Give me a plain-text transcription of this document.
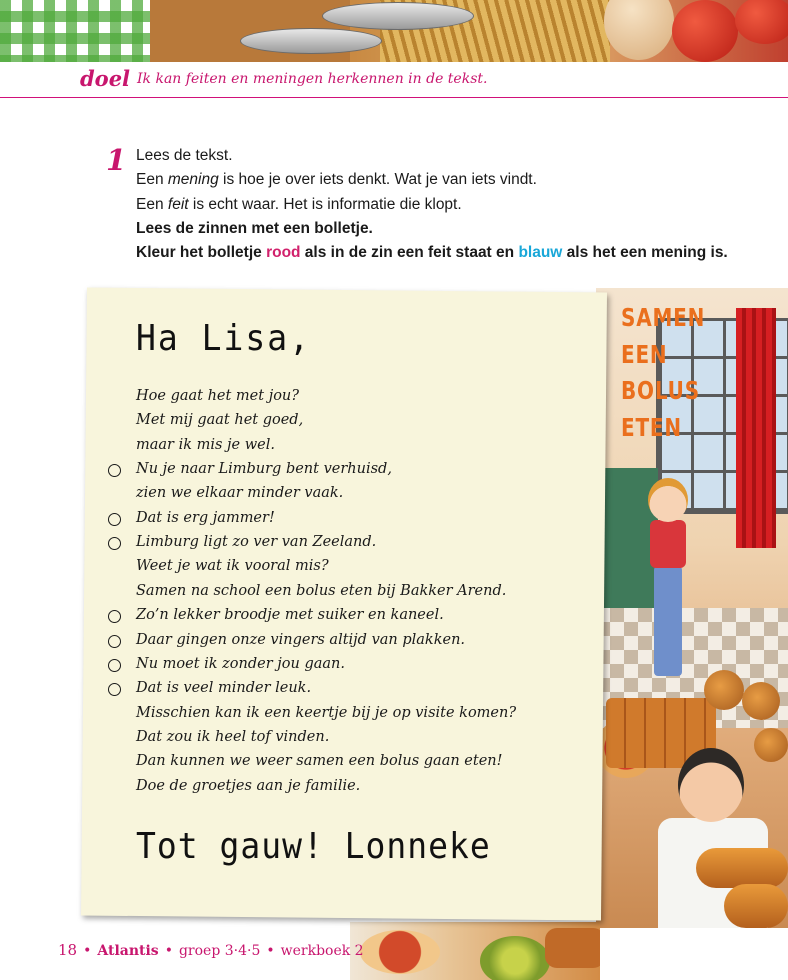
doel Ik kan feiten en meningen herkennen in de tekst.
1 Lees de tekst.

Een mening is hoe je over iets denkt. Wat je van iets vindt.

Een feit is echt waar. Het is informatie die klopt.

Lees de zinnen met een bolletje.

Kleur het bolletje rood als in de zin een feit staat en blauw als het een mening is.

SAMEN
EEN
BOLUS
ETEN
Ha Lisa,
Hoe gaat het met jou?
Met mij gaat het goed,
maar ik mis je wel.
Nu je naar Limburg bent verhuisd,
zien we elkaar minder vaak.
Dat is erg jammer!
Limburg ligt zo ver van Zeeland.
Weet je wat ik vooral mis?
Samen na school een bolus eten bij Bakker Arend.
Zo’n lekker broodje met suiker en kaneel.
Daar gingen onze vingers altijd van plakken.
Nu moet ik zonder jou gaan.
Dat is veel minder leuk.
Misschien kan ik een keertje bij je op visite komen?
Dat zou ik heel tof vinden.
Dan kunnen we weer samen een bolus gaan eten!
Doe de groetjes aan je familie.
Tot gauw! Lonneke
18 • Atlantis • groep 3·4·5 • werkboek 2
